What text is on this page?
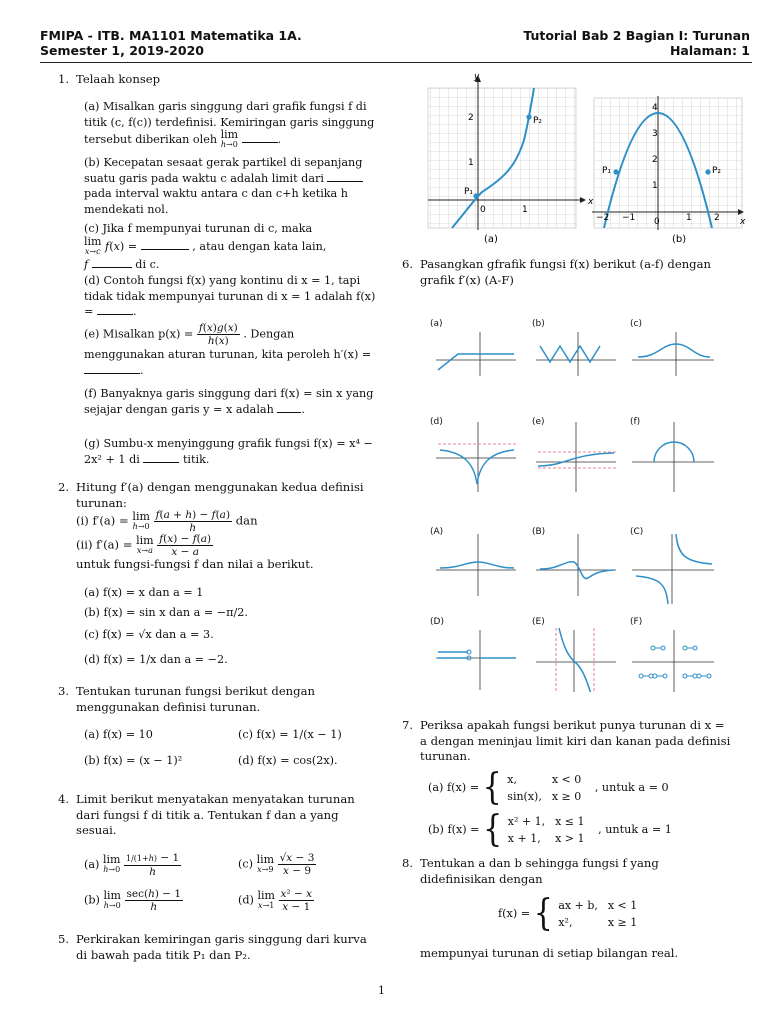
FMIPA - ITB. MA1101 Matematika 1A.
Semester 1, 2019-2020
Tutorial Bab 2 Bagian I: Turunan
Halaman: 1
1. Telaah konsep
(a) Misalkan garis singgung dari grafik fungsi f di titik (c, f(c)) terdefinisi. Kemiringan garis singgung tersebut diberikan oleh lim
h→0	.
(b) Kecepatan sesaat gerak partikel di sepanjang suatu garis pada waktu c adalah limit dari  pada interval waktu antara c dan c+h ketika h mendekati nol.
(c) Jika f mempunyai turunan di c, maka

lim
x→c f(x) =	, atau dengan kata lain,
f	di c.
(d) Contoh fungsi f(x) yang kontinu di x = 1, tapi tidak tidak mempunyai turunan di x = 1 adalah f(x) =	.
(e) Misalkan $p(x) = \frac{f(x)g(x)}{h(x)}$ . Dengan menggunakan aturan turunan, kita peroleh h′(x) = .
(f) Banyaknya garis singgung dari f(x) = sin x yang sejajar dengan garis y = x adalah .
(g) Sumbu-x menyinggung grafik fungsi f(x) = x⁴ − 2x² + 1 di	titik.
2. Hitung f′(a) dengan menggunakan kedua definisi turunan:
(i) f′(a) = lim
h→0
$\frac{f(a + h) - f(a)}{h}$ dan
(ii) f′(a) = lim
x→a
$\frac{f(x) - f(a)}{x - a}$
untuk fungsi-fungsi f dan nilai a berikut.
(a) f(x) = x dan a = 1
(b) f(x) = sin x dan a = −π/2.
(c) f(x) = √x dan a = 3.
(d) f(x) = 1/x dan a = −2.
3. Tentukan turunan fungsi berikut dengan menggunakan definisi turunan.
(a) f(x) = 10
(b) f(x) = (x − 1)²
(c) f(x) = 1/(x − 1)
(d) f(x) = cos(2x).
4. Limit berikut menyatakan menyatakan turunan dari fungsi f di titik a. Tentukan f dan a yang sesuai.
(a) lim
h→0
$\frac{1/(1+h) - 1}{h}$
(b) lim
h→0
$\frac{\sec(h) - 1}{h}$
(c) lim
x→9
$\frac{√x - 3}{x - 9}$
(d) lim
x→1
$\frac{\text{x² − x}}{x - 1}$
5. Perkirakan kemiringan garis singgung dari kurva di bawah pada titik P₁ dan P₂.
P₁
P₂
2
1
0	1
x
y
(a)
P₁	P₂
4
3
2
1
−2 −1 0	1 2 x
(b)
6. Pasangkan gfrafik fungsi f(x) berikut (a-f) dengan grafik f′(x) (A-F)
(a)	(b)	(c)
(d)	(e)	(f)
(A)	(B)	(C)
(D)	(E)	(F)
7. Periksa apakah fungsi berikut punya turunan di x = a dengan meninjau limit kiri dan kanan pada definisi turunan.
(a) f(x) = { x,	x < 0
sin(x),	x ≥ 0 , untuk a = 0
(b) f(x) = { x² + 1,	x ≤ 1
x + 1,	x > 1 , untuk a = 1
8. Tentukan a dan b sehingga fungsi f yang didefinisikan dengan
f(x) = { ax + b,	x < 1
x²,	x ≥ 1
mempunyai turunan di setiap bilangan real.
1
